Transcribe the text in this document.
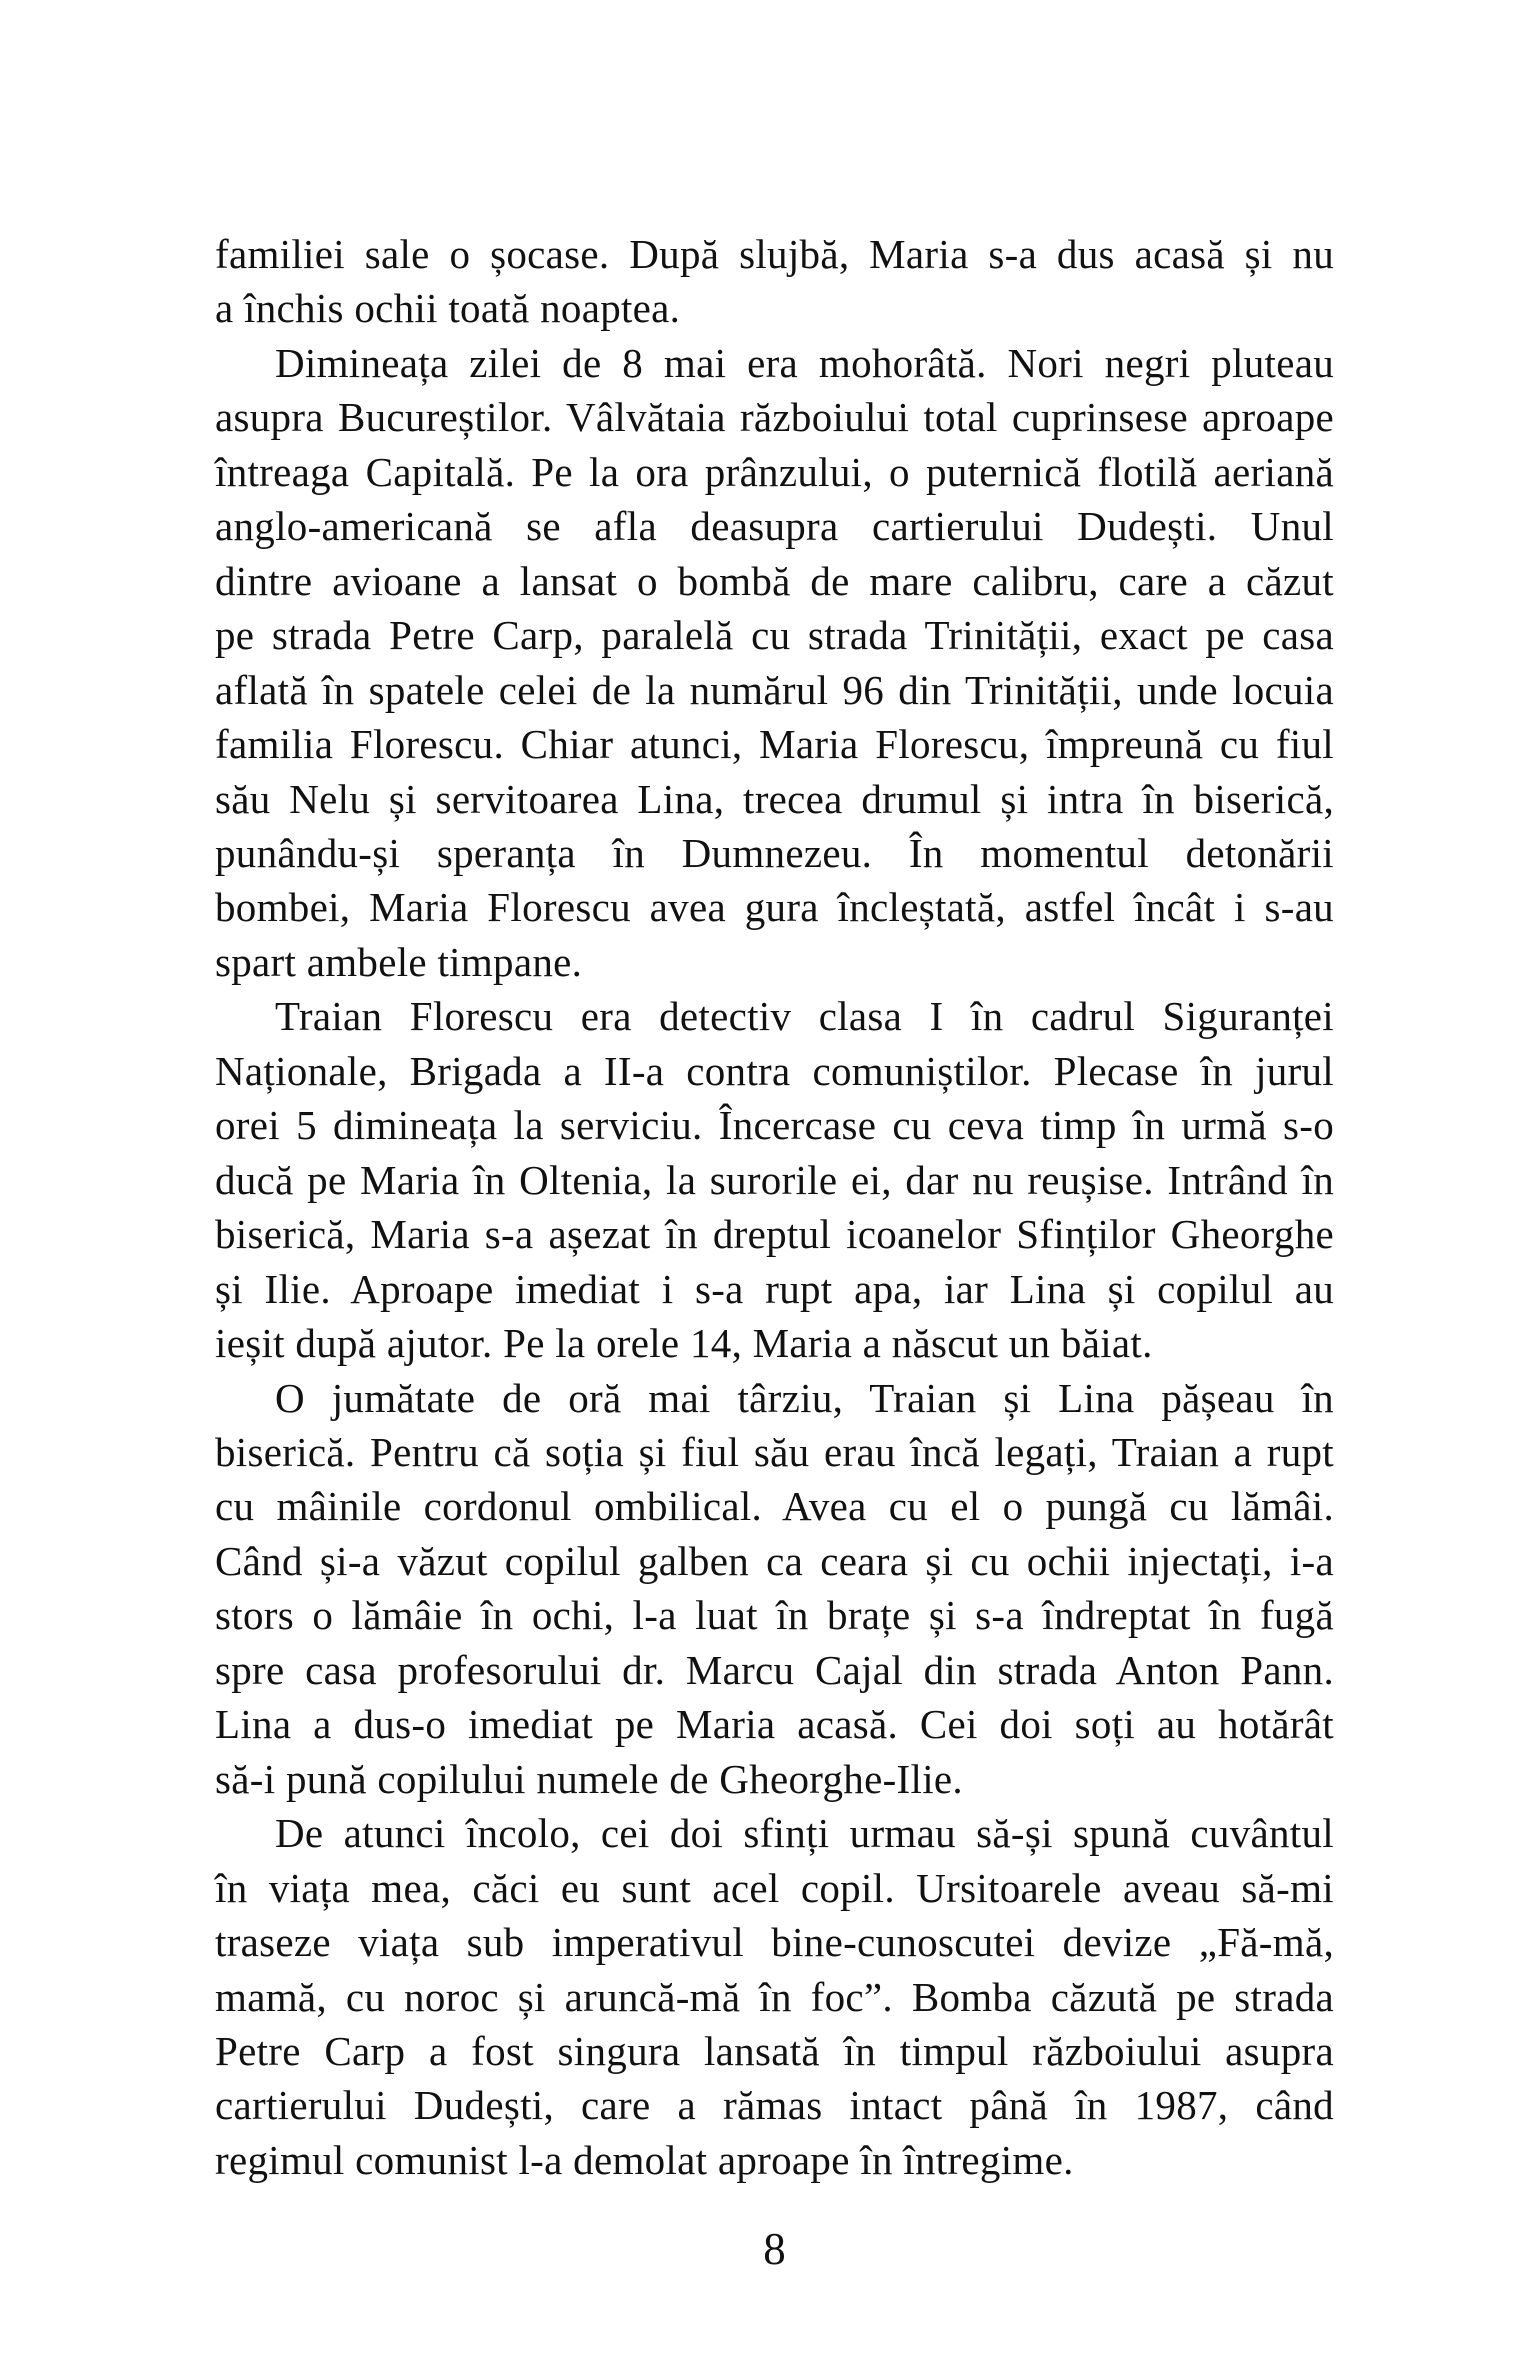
familiei sale o șocase. După slujbă, Maria s-a dus acasă și nu
a închis ochii toată noaptea.
Dimineața zilei de 8 mai era mohorâtă. Nori negri pluteau
asupra Bucureștilor. Vâlvătaia războiului total cuprinsese aproape
întreaga Capitală. Pe la ora prânzului, o puternică flotilă aeriană
anglo-americană se afla deasupra cartierului Dudești. Unul
dintre avioane a lansat o bombă de mare calibru, care a căzut
pe strada Petre Carp, paralelă cu strada Trinității, exact pe casa
aflată în spatele celei de la numărul 96 din Trinității, unde locuia
familia Florescu. Chiar atunci, Maria Florescu, împreună cu fiul
său Nelu și servitoarea Lina, trecea drumul și intra în biserică,
punându-și speranța în Dumnezeu. În momentul detonării
bombei, Maria Florescu avea gura încleștată, astfel încât i s-au
spart ambele timpane.
Traian Florescu era detectiv clasa I în cadrul Siguranței
Naționale, Brigada a II-a contra comuniștilor. Plecase în jurul
orei 5 dimineața la serviciu. Încercase cu ceva timp în urmă s-o
ducă pe Maria în Oltenia, la surorile ei, dar nu reușise. Intrând în
biserică, Maria s-a așezat în dreptul icoanelor Sfinților Gheorghe
și Ilie. Aproape imediat i s-a rupt apa, iar Lina și copilul au
ieșit după ajutor. Pe la orele 14, Maria a născut un băiat.
O jumătate de oră mai târziu, Traian și Lina pășeau în
biserică. Pentru că soția și fiul său erau încă legați, Traian a rupt
cu mâinile cordonul ombilical. Avea cu el o pungă cu lămâi.
Când și-a văzut copilul galben ca ceara și cu ochii injectați, i-a
stors o lămâie în ochi, l-a luat în brațe și s-a îndreptat în fugă
spre casa profesorului dr. Marcu Cajal din strada Anton Pann.
Lina a dus-o imediat pe Maria acasă. Cei doi soți au hotărât
să-i pună copilului numele de Gheorghe-Ilie.
De atunci încolo, cei doi sfinți urmau să-și spună cuvântul
în viața mea, căci eu sunt acel copil. Ursitoarele aveau să-mi
traseze viața sub imperativul bine-cunoscutei devize „Fă-mă,
mamă, cu noroc și aruncă-mă în foc”. Bomba căzută pe strada
Petre Carp a fost singura lansată în timpul războiului asupra
cartierului Dudești, care a rămas intact până în 1987, când
regimul comunist l-a demolat aproape în întregime.
8
